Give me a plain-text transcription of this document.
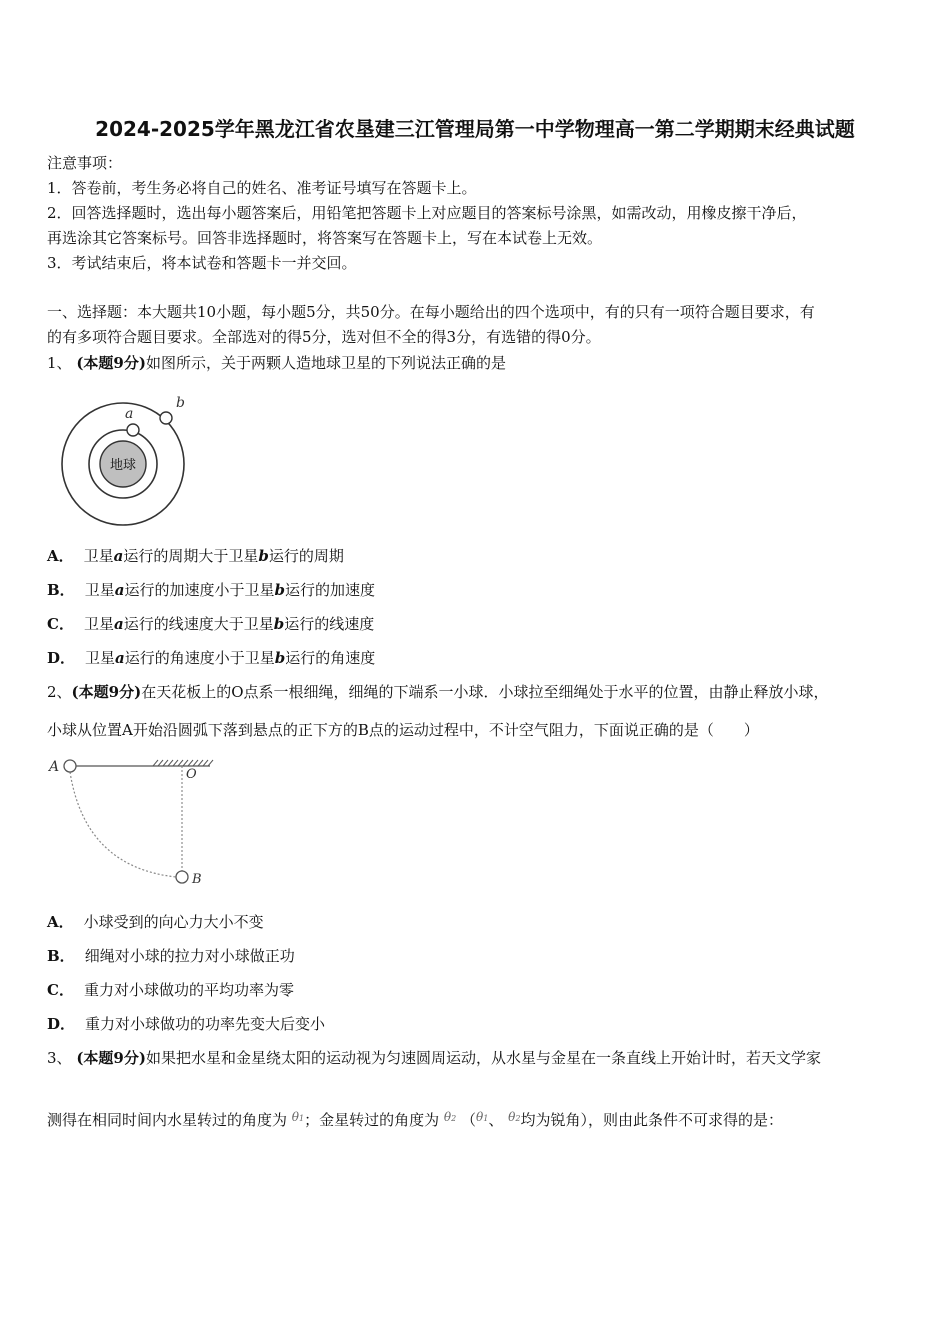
2024-2025学年黑龙江省农垦建三江管理局第一中学物理高一第二学期期末经典试题
注意事项：
1．答卷前，考生务必将自己的姓名、准考证号填写在答题卡上。
2．回答选择题时，选出每小题答案后，用铅笔把答题卡上对应题目的答案标号涂黑，如需改动，用橡皮擦干净后，
再选涂其它答案标号。回答非选择题时，将答案写在答题卡上，写在本试卷上无效。
3．考试结束后，将本试卷和答题卡一并交回。
一、选择题：本大题共10小题，每小题5分，共50分。在每小题给出的四个选项中，有的只有一项符合题目要求，有
的有多项符合题目要求。全部选对的得5分，选对但不全的得3分，有选错的得0分。
1、 (本题9分)如图所示，关于两颗人造地球卫星的下列说法正确的是
地球
a
b
A． 卫星a运行的周期大于卫星b运行的周期
B． 卫星a运行的加速度小于卫星b运行的加速度
C． 卫星a运行的线速度大于卫星b运行的线速度
D． 卫星a运行的角速度小于卫星b运行的角速度
2、(本题9分)在天花板上的O点系一根细绳，细绳的下端系一小球．小球拉至细绳处于水平的位置，由静止释放小球，
小球从位置A开始沿圆弧下落到悬点的正下方的B点的运动过程中，不计空气阻力，下面说正确的是（　　）
A	O
B
A． 小球受到的向心力大小不变
B． 细绳对小球的拉力对小球做正功
C． 重力对小球做功的平均功率为零
D． 重力对小球做功的功率先变大后变小
3、 (本题9分)如果把水星和金星绕太阳的运动视为匀速圆周运动，从水星与金星在一条直线上开始计时，若天文学家
测得在相同时间内水星转过的角度为 $^{\theta 1}$；金星转过的角度为 $^{\theta 2}$ （$^{\theta 1}$、 $^{\theta 2}$均为锐角），则由此条件不可求得的是：
